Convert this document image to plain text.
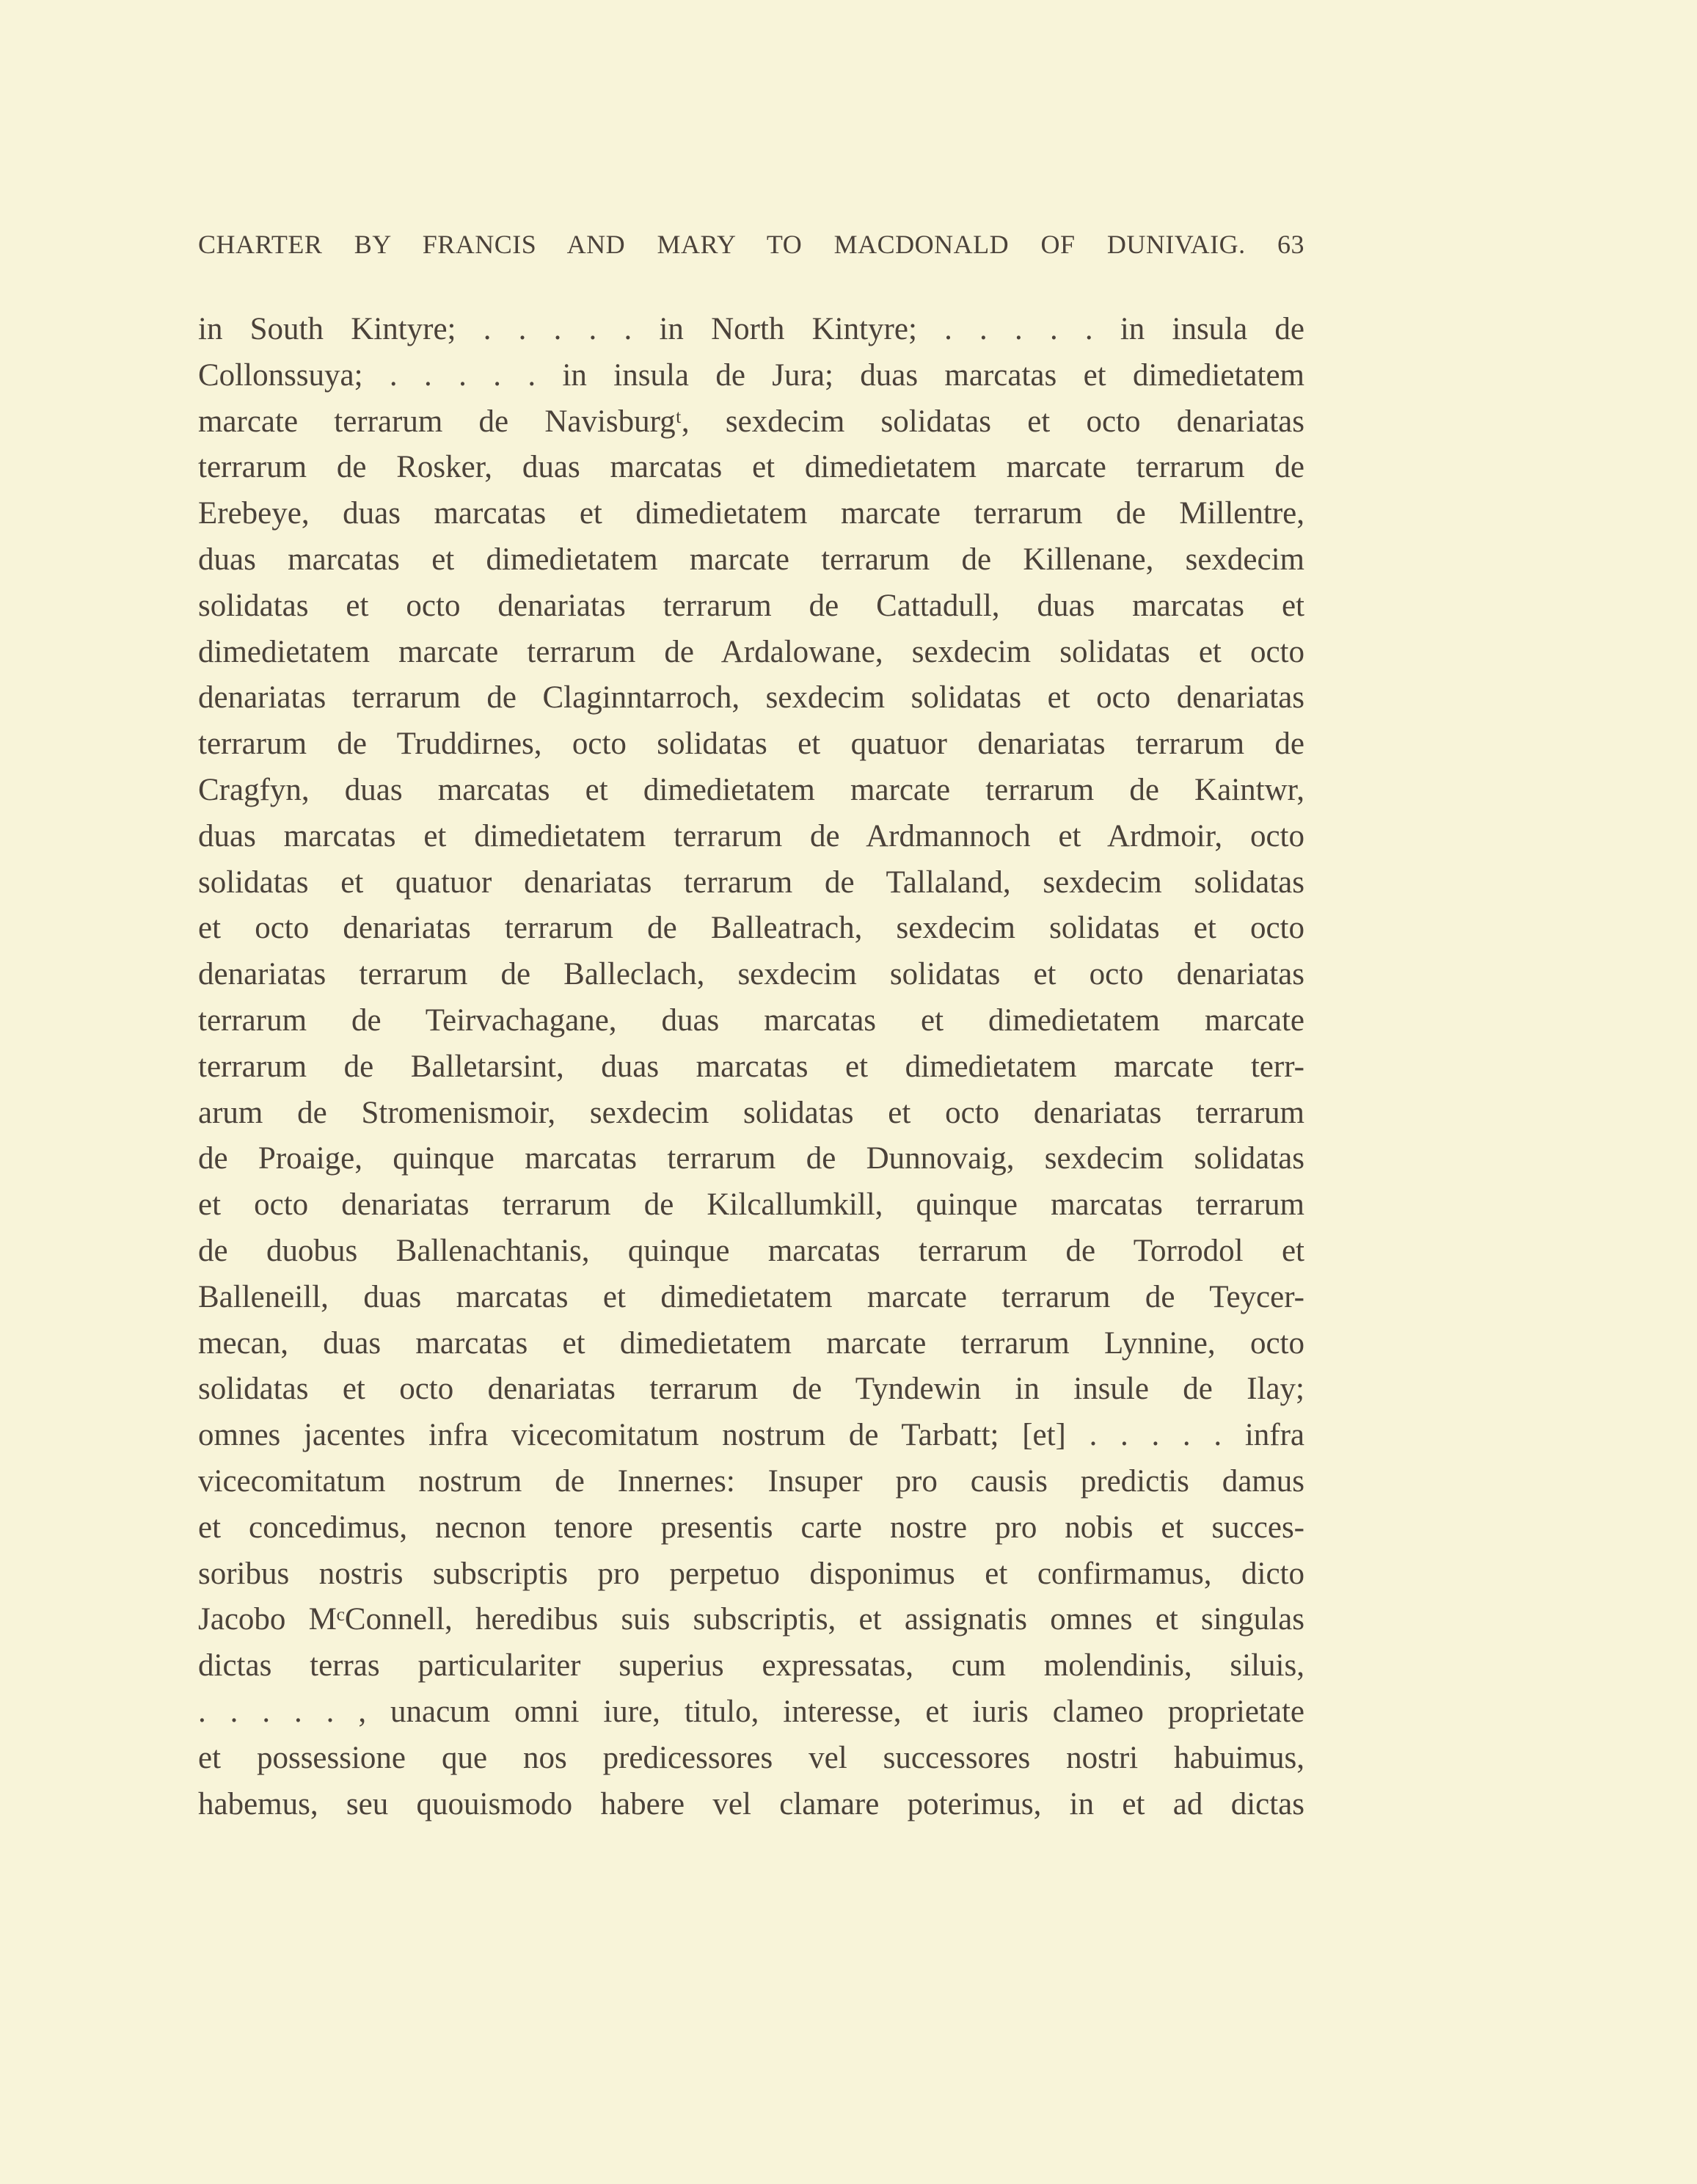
CHARTER BY FRANCIS AND MARY TO MACDONALD OF DUNIVAIG. 63
in South Kintyre; . . . . . in North Kintyre; . . . . . in insula de
Collonssuya; . . . . . in insula de Jura; duas marcatas et dimedietatem
marcate terrarum de Navisburgᵗ, sexdecim solidatas et octo denariatas
terrarum de Rosker, duas marcatas et dimedietatem marcate terrarum de
Erebeye, duas marcatas et dimedietatem marcate terrarum de Millentre,
duas marcatas et dimedietatem marcate terrarum de Killenane, sexdecim
solidatas et octo denariatas terrarum de Cattadull, duas marcatas et
dimedietatem marcate terrarum de Ardalowane, sexdecim solidatas et octo
denariatas terrarum de Claginntarroch, sexdecim solidatas et octo denariatas
terrarum de Truddirnes, octo solidatas et quatuor denariatas terrarum de
Cragfyn, duas marcatas et dimedietatem marcate terrarum de Kaintwr,
duas marcatas et dimedietatem terrarum de Ardmannoch et Ardmoir, octo
solidatas et quatuor denariatas terrarum de Tallaland, sexdecim solidatas
et octo denariatas terrarum de Balleatrach, sexdecim solidatas et octo
denariatas terrarum de Balleclach, sexdecim solidatas et octo denariatas
terrarum de Teirvachagane, duas marcatas et dimedietatem marcate
terrarum de Balletarsint, duas marcatas et dimedietatem marcate terr-
arum de Stromenismoir, sexdecim solidatas et octo denariatas terrarum
de Proaige, quinque marcatas terrarum de Dunnovaig, sexdecim solidatas
et octo denariatas terrarum de Kilcallumkill, quinque marcatas terrarum
de duobus Ballenachtanis, quinque marcatas terrarum de Torrodol et
Balleneill, duas marcatas et dimedietatem marcate terrarum de Teycer-
mecan, duas marcatas et dimedietatem marcate terrarum Lynnine, octo
solidatas et octo denariatas terrarum de Tyndewin in insule de Ilay;
omnes jacentes infra vicecomitatum nostrum de Tarbatt; [et] . . . . . infra
vicecomitatum nostrum de Innernes: Insuper pro causis predictis damus
et concedimus, necnon tenore presentis carte nostre pro nobis et succes-
soribus nostris subscriptis pro perpetuo disponimus et confirmamus, dicto
Jacobo MᶜConnell, heredibus suis subscriptis, et assignatis omnes et singulas
dictas terras particulariter superius expressatas, cum molendinis, siluis,
. . . . . , unacum omni iure, titulo, interesse, et iuris clameo proprietate
et possessione que nos predicessores vel successores nostri habuimus,
habemus, seu quouismodo habere vel clamare poterimus, in et ad dictas
